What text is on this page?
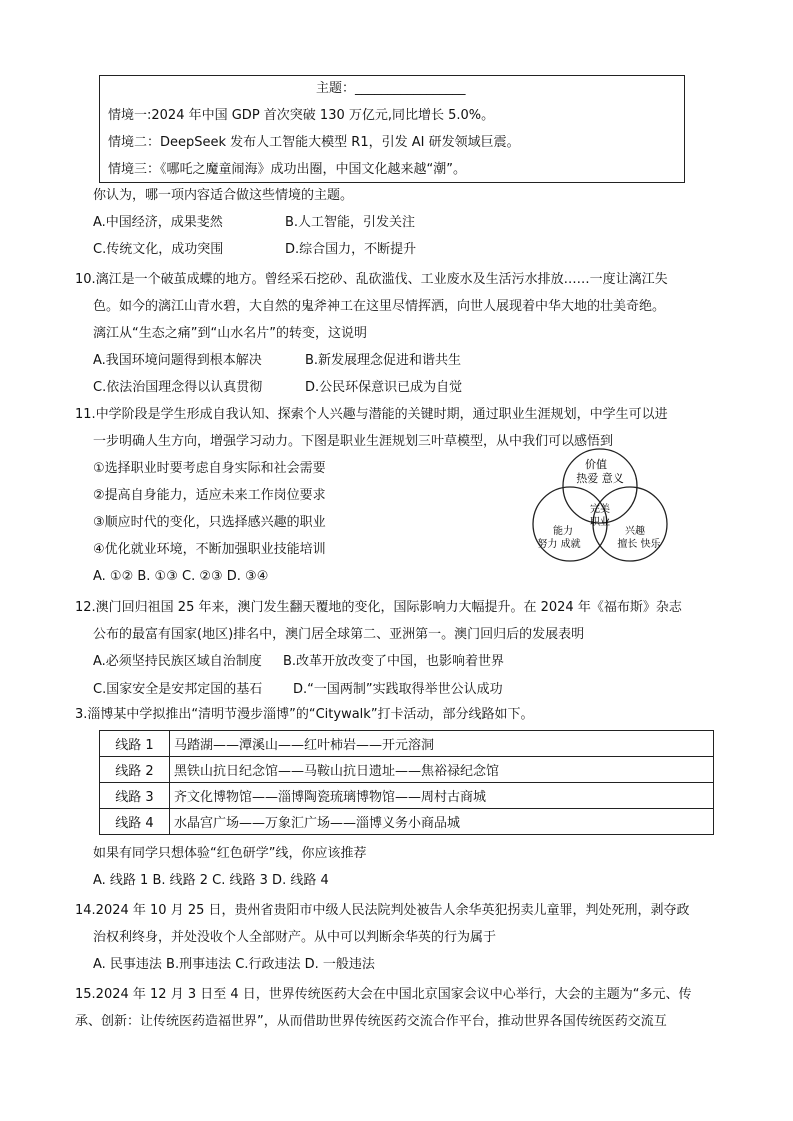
主题：_________________
情境一:2024 年中国 GDP 首次突破 130 万亿元,同比增长 5.0%。
情境二：DeepSeek 发布人工智能大模型 R1，引发 AI 研发领域巨震。
情境三：《哪吒之魔童闹海》成功出圈，中国文化越来越“潮”。
你认为，哪一项内容适合做这些情境的主题。
A.中国经济，成果斐然	B.人工智能，引发关注
C.传统文化，成功突围	D.综合国力，不断提升
10.漓江是一个破茧成蝶的地方。曾经采石挖砂、乱砍滥伐、工业废水及生活污水排放……一度让漓江失
色。如今的漓江山青水碧，大自然的鬼斧神工在这里尽情挥洒，向世人展现着中华大地的壮美奇绝。
漓江从“生态之痛”到“山水名片”的转变，这说明
A.我国环境问题得到根本解决	B.新发展理念促进和谐共生
C.依法治国理念得以认真贯彻	D.公民环保意识已成为自觉
11.中学阶段是学生形成自我认知、探索个人兴趣与潜能的关键时期，通过职业生涯规划，中学生可以进
一步明确人生方向，增强学习动力。下图是职业生涯规划三叶草模型，从中我们可以感悟到
①选择职业时要考虑自身实际和社会需要
②提高自身能力，适应未来工作岗位要求
③顺应时代的变化，只选择感兴趣的职业
④优化就业环境，不断加强职业技能培训
A. ①② B. ①③ C. ②③ D. ③④
价值
热爱 意义
能力
努力 成就
兴趣
擅长 快乐
完美
职业
12.澳门回归祖国 25 年来，澳门发生翻天覆地的变化，国际影响力大幅提升。在 2024 年《福布斯》杂志
公布的最富有国家(地区)排名中，澳门居全球第二、亚洲第一。澳门回归后的发展表明
A.必须坚持民族区域自治制度 B.改革开放改变了中国，也影响着世界
C.国家安全是安邦定国的基石 D.“一国两制”实践取得举世公认成功
3.淄博某中学拟推出“清明节漫步淄博”的“Citywalk”打卡活动，部分线路如下。
线路 1	马踏湖——潭溪山——红叶柿岩——开元溶洞
线路 2	黑铁山抗日纪念馆——马鞍山抗日遗址——焦裕禄纪念馆
线路 3	齐文化博物馆——淄博陶瓷琉璃博物馆——周村古商城
线路 4	水晶宫广场——万象汇广场——淄博义务小商品城
如果有同学只想体验“红色研学”线，你应该推荐
A. 线路 1 B. 线路 2 C. 线路 3 D. 线路 4
14.2024 年 10 月 25 日，贵州省贵阳市中级人民法院判处被告人余华英犯拐卖儿童罪，判处死刑，剥夺政
治权利终身，并处没收个人全部财产。从中可以判断余华英的行为属于
A. 民事违法 B.刑事违法 C.行政违法 D. 一般违法
15.2024 年 12 月 3 日至 4 日，世界传统医药大会在中国北京国家会议中心举行，大会的主题为“多元、传
承、创新：让传统医药造福世界”，从而借助世界传统医药交流合作平台，推动世界各国传统医药交流互
